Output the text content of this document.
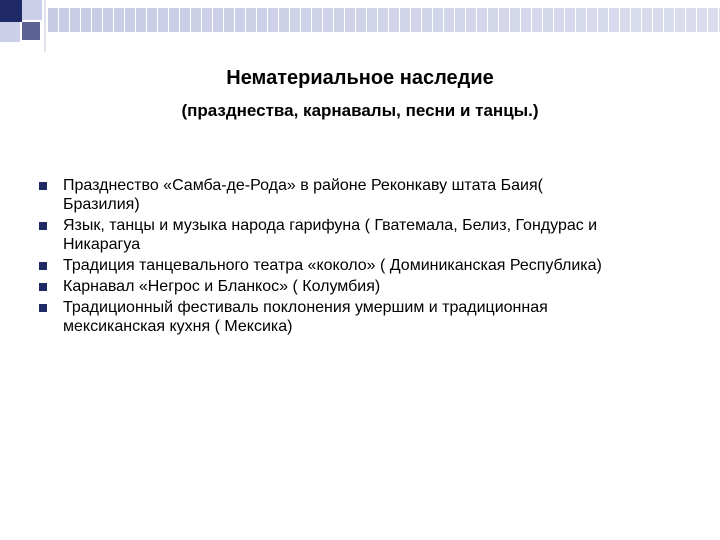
Нематериальное наследие
(празднества, карнавалы, песни и танцы.)
Празднество «Самба-де-Рода» в районе Реконкаву штата Баия(
Бразилия)
Язык, танцы и музыка народа гарифуна ( Гватемала, Белиз, Гондурас и
Никарагуа
Традиция танцевального театра «коколо» ( Доминиканская Республика)
Карнавал «Негрос и Бланкос» ( Колумбия)
Традиционный фестиваль поклонения умершим и традиционная
мексиканская кухня ( Мексика)
